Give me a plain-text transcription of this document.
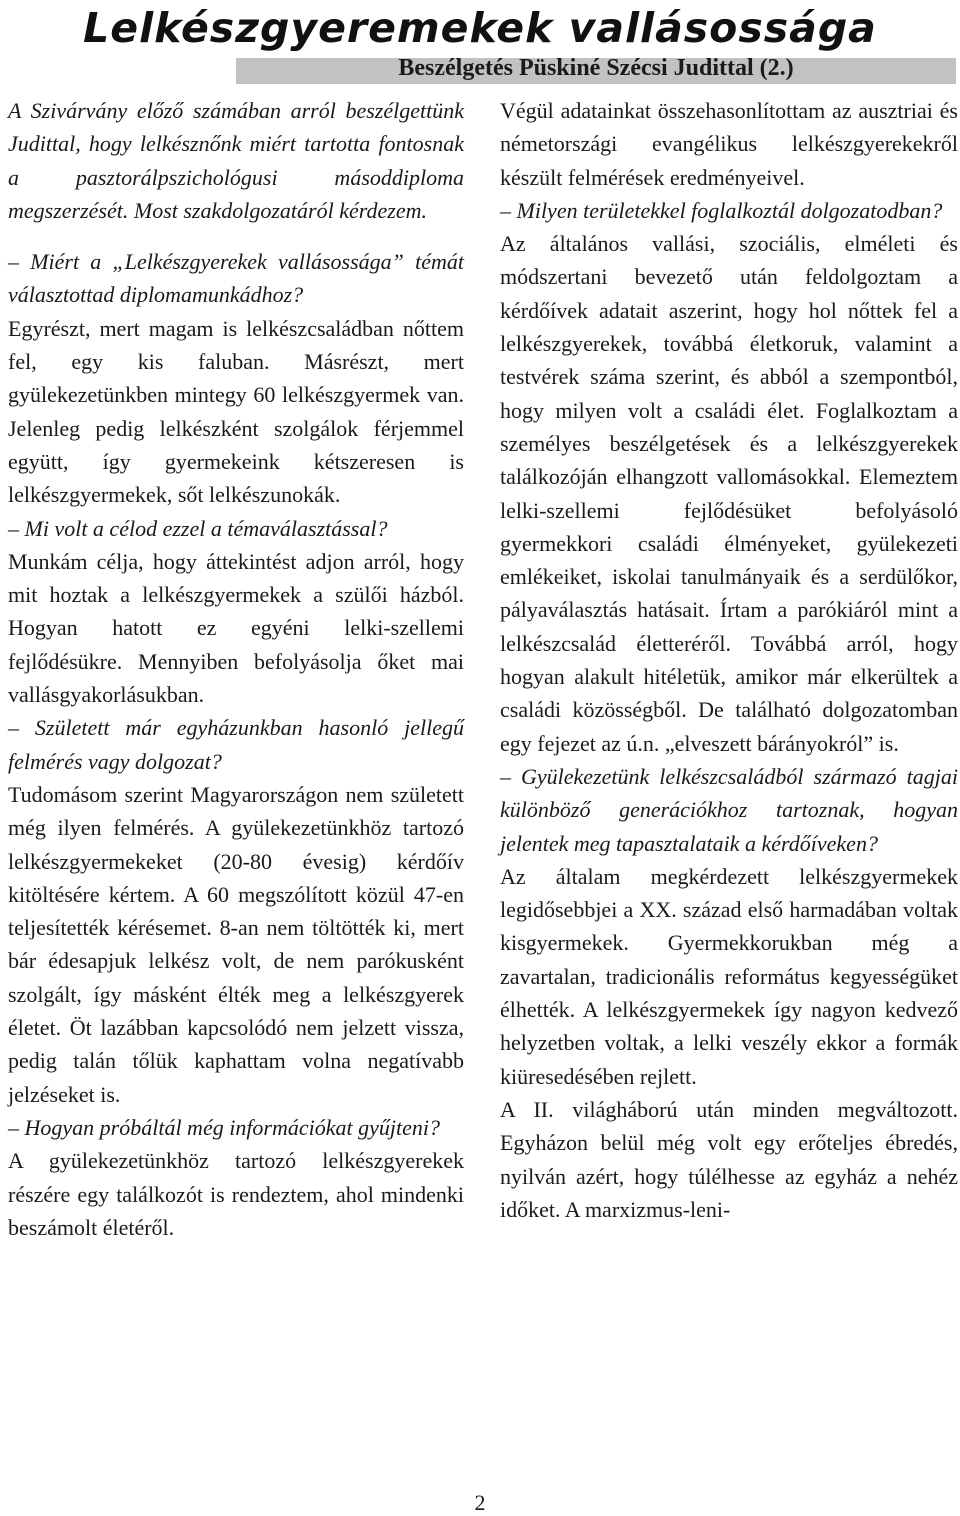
Lelkészgyeremekek vallásossága
Beszélgetés Püskiné Szécsi Judittal (2.)

A Szivárvány előző számában arról beszélgettünk Judittal, hogy lelkésznőnk miért tartotta fontosnak a pasztorálpszichológusi másoddiploma megszerzését. Most szakdolgozatáról kérdezem.

– Miért a „Lelkészgyerekek vallásossága” témát választottad diplomamunkádhoz?

Egyrészt, mert magam is lelkészcsaládban nőttem fel, egy kis faluban. Másrészt, mert gyülekezetünkben mintegy 60 lelkészgyermek van. Jelenleg pedig lelkészként szolgálok férjemmel együtt, így gyermekeink kétszeresen is lelkészgyermekek, sőt lelkészunokák.

– Mi volt a célod ezzel a témaválasztással?

Munkám célja, hogy áttekintést adjon arról, hogy mit hoztak a lelkészgyermekek a szülői házból. Hogyan hatott ez egyéni lelki-szellemi fejlődésükre. Mennyiben befolyásolja őket mai vallásgyakorlásukban.

– Született már egyházunkban hasonló jellegű felmérés vagy dolgozat?

Tudomásom szerint Magyarországon nem született még ilyen felmérés. A gyülekezetünkhöz tartozó lelkészgyermekeket (20-80 évesig) kérdőív kitöltésére kértem. A 60 megszólított közül 47-en teljesítették kérésemet. 8-an nem töltötték ki, mert bár édesapjuk lelkész volt, de nem parókusként szolgált, így másként élték meg a lelkészgyerek életet. Öt lazábban kapcsolódó nem jelzett vissza, pedig talán tőlük kaphattam volna negatívabb jelzéseket is.

– Hogyan próbáltál még információkat gyűjteni?

A gyülekezetünkhöz tartozó lelkészgyerekek részére egy találkozót is rendeztem, ahol mindenki beszámolt életéről.

Végül adatainkat összehasonlítottam az ausztriai és németországi evangélikus lelkészgyerekekről készült felmérések eredményeivel.

– Milyen területekkel foglalkoztál dolgozatodban?

Az általános vallási, szociális, elméleti és módszertani bevezető után feldolgoztam a kérdőívek adatait aszerint, hogy hol nőttek fel a lelkészgyerekek, továbbá életkoruk, valamint a testvérek száma szerint, és abból a szempontból, hogy milyen volt a családi élet. Foglalkoztam a személyes beszélgetések és a lelkészgyerekek találkozóján elhangzott vallomásokkal. Elemeztem lelki-szellemi fejlődésüket befolyásoló gyermekkori családi élményeket, gyülekezeti emlékeiket, iskolai tanulmányaik és a serdülőkor, pályaválasztás hatásait. Írtam a parókiáról mint a lelkészcsalád életteréről. Továbbá arról, hogy hogyan alakult hitéletük, amikor már elkerültek a családi közösségből. De található dolgozatomban egy fejezet az ú.n. „elveszett bárányokról” is.

– Gyülekezetünk lelkészcsaládból származó tagjai különböző generációkhoz tartoznak, hogyan jelentek meg tapasztalataik a kérdőíveken?

Az általam megkérdezett lelkészgyermekek legidősebbjei a XX. század első harmadában voltak kisgyermekek. Gyermekkorukban még a zavartalan, tradicionális református kegyességüket élhették. A lelkészgyermekek így nagyon kedvező helyzetben voltak, a lelki veszély ekkor a formák kiüresedésében rejlett.

A II. világháború után minden megváltozott. Egyházon belül még volt egy erőteljes ébredés, nyilván azért, hogy túlélhesse az egyház a nehéz időket. A marxizmus-leni-

2
